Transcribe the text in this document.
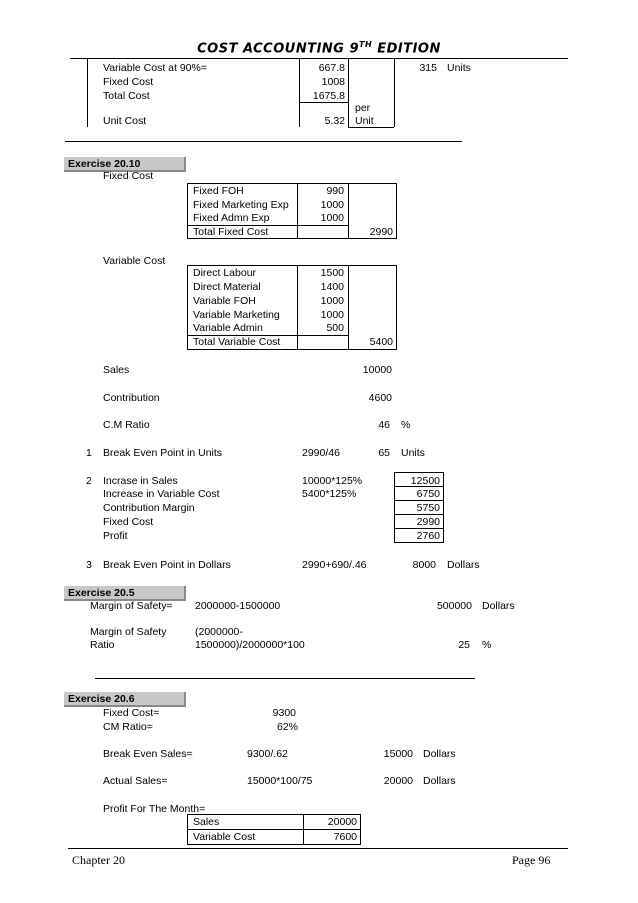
COST ACCOUNTING 9TH EDITION
Variable Cost at 90%=	667.8	315 Units
Fixed Cost	1008
Total Cost	1675.8
per
Unit Cost	5.32 Unit
Exercise 20.10
Fixed Cost
Fixed FOH	990
Fixed Marketing Exp	1000
Fixed Admn Exp	1000
Total Fixed Cost	2990
Variable Cost
Direct Labour	1500
Direct Material	1400
Variable FOH	1000
Variable Marketing	1000
Variable Admin	500
Total Variable Cost	5400
Sales	10000
Contribution	4600
C.M Ratio	46 %
1 Break Even Point in Units	2990/46	65 Units
2 Incrase in Sales	10000*125%	12500
Increase in Variable Cost	5400*125%	6750
Contribution Margin	5750
Fixed Cost	2990
Profit	2760
3 Break Even Point in Dollars	2990+690/.46	8000 Dollars
Exercise 20.5
Margin of Safety= 2000000-1500000	500000 Dollars
Margin of Safety
Ratio
(2000000-
1500000)/2000000*100	25 %
Exercise 20.6
Fixed Cost=	9300
CM Ratio=	62%
Break Even Sales=	9300/.62	15000 Dollars
Actual Sales=	15000*100/75	20000 Dollars
Profit For The Month=
Sales	20000
Variable Cost	7600
Chapter 20	Page 96
